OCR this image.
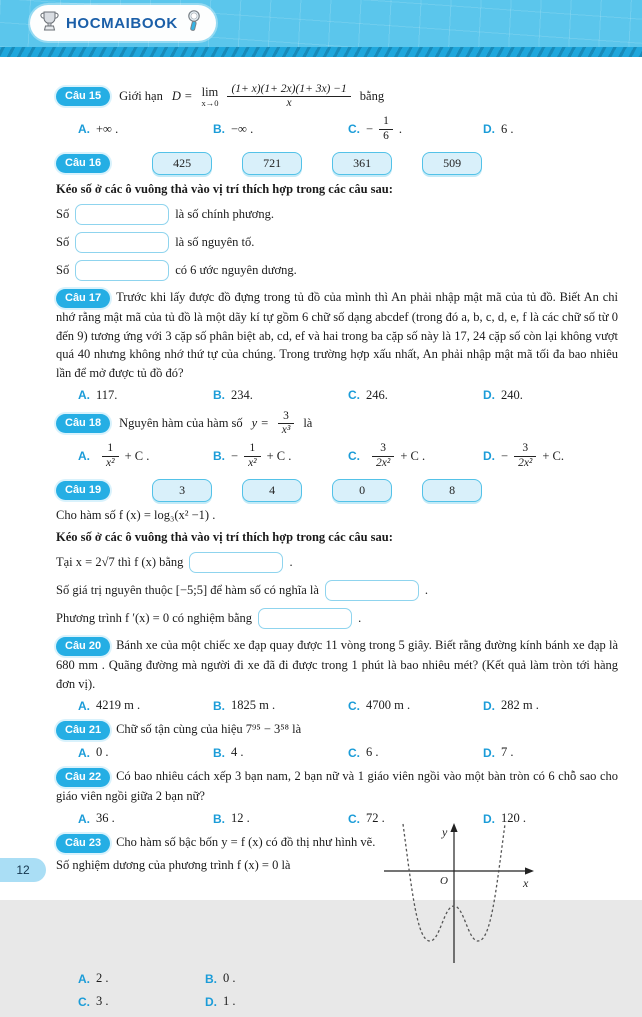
HOCMAIBOOK
Câu 15	Giới hạn D = lim
$x\to 0 \frac{(1+ x)(1+ 2x)(1+ 3x) -1}{x}$ bằng
A. +∞ .	B. −∞ .	C. − $\frac{1}{6}$ .	D. 6 .
Câu 16	425	721	361	509
Kéo số ở các ô vuông thả vào vị trí thích hợp trong các câu sau:
Số	là số chính phương.
Số	là số nguyên tố.
Số	có 6 ước nguyên dương.
Câu 17 Trước khi lấy được đồ đựng trong tủ đồ của mình thì An phải nhập mật mã của tủ đồ. Biết An chỉ nhớ rằng mật mã của tủ đồ là một dãy kí tự gồm 6 chữ số dạng abcdef (trong đó a, b, c, d, e, f là các chữ số từ 0 đến 9) tương ứng với 3 cặp số phân biệt ab, cd, ef và hai trong ba cặp số này là 17, 24 cặp số còn lại không vượt quá 40 nhưng không nhớ thứ tự của chúng. Trong trường hợp xấu nhất, An phải nhập mật mã tối đa bao nhiêu lần để mở được tủ đồ đó?
A. 117.	B. 234.	C. 246.	D. 240.
Câu 18	Nguyên hàm của hàm số $y = \frac{3}{\text{x³}}$ là
A. $\frac{1}{\text{x²}} + C$ .	B. − $\frac{1}{\text{x²}} + C$ .	C. $\frac{3}{\text{2x²}} + C$ .	D. − $\frac{3}{\text{2x²}} + C$.
Câu 19	3	4	0	8
Cho hàm số f (x) = log₃(x² −1) .
Kéo số ở các ô vuông thả vào vị trí thích hợp trong các câu sau:
Tại x = 2√7 thì f (x) bằng	.
Số giá trị nguyên thuộc [−5;5] để hàm số có nghĩa là	.
Phương trình f ′(x) = 0 có nghiệm bằng	.
Câu 20 Bánh xe của một chiếc xe đạp quay được 11 vòng trong 5 giây. Biết rằng đường kính bánh xe đạp là 680 mm . Quãng đường mà người đi xe đã đi được trong 1 phút là bao nhiêu mét? (Kết quả làm tròn tới hàng đơn vị).
A. 4219 m .	B. 1825 m .	C. 4700 m .	D. 282 m .
Câu 21 Chữ số tận cùng của hiệu 7⁹⁵ − 3⁵⁸ là
A. 0 .	B. 4 .	C. 6 .	D. 7 .
Câu 22 Có bao nhiêu cách xếp 3 bạn nam, 2 bạn nữ và 1 giáo viên ngồi vào một bàn tròn có 6 chỗ sao cho giáo viên ngồi giữa 2 bạn nữ?
A. 36 .	B. 12 .	C. 72 .	D. 120 .
y
x
O
Câu 23 Cho hàm số bậc bốn y = f (x) có đồ thị như hình vẽ.
Số nghiệm dương của phương trình f (x) = 0 là
A. 2 .	B. 0 .
C. 3 .	D. 1 .
12
